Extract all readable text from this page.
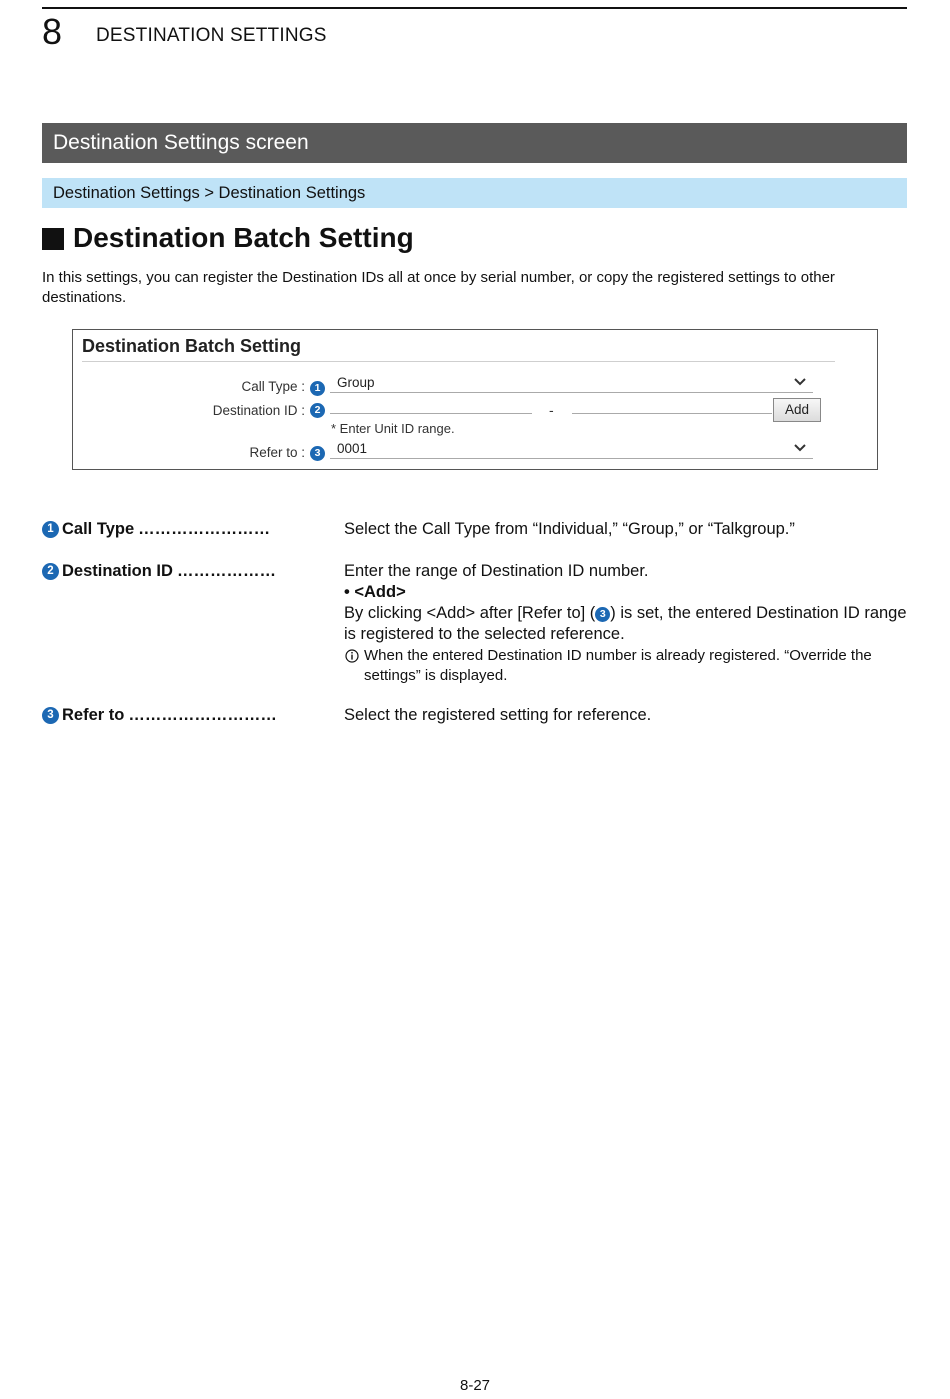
8 DESTINATION SETTINGS
Destination Settings screen
Destination Settings > Destination Settings
Destination Batch Setting
In this settings, you can register the Destination IDs all at once by serial number, or copy the registered settings to other destinations.
Destination Batch Setting
Call Type : 1	Group
Destination ID : 2	-	Add
* Enter Unit ID range.
Refer to : 3	0001
1 Call Type ……………………	Select the Call Type from “Individual,” “Group,” or “Talkgroup.”
2 Destination ID ………………	Enter the range of Destination ID number.
• <Add>
By clicking <Add> after [Refer to] ( 3 ) is set, the entered Destination ID range is registered to the selected reference.
When the entered Destination ID number is already registered. “Override the settings” is displayed.
3 Refer to ………………………	Select the registered setting for reference.
8-27
